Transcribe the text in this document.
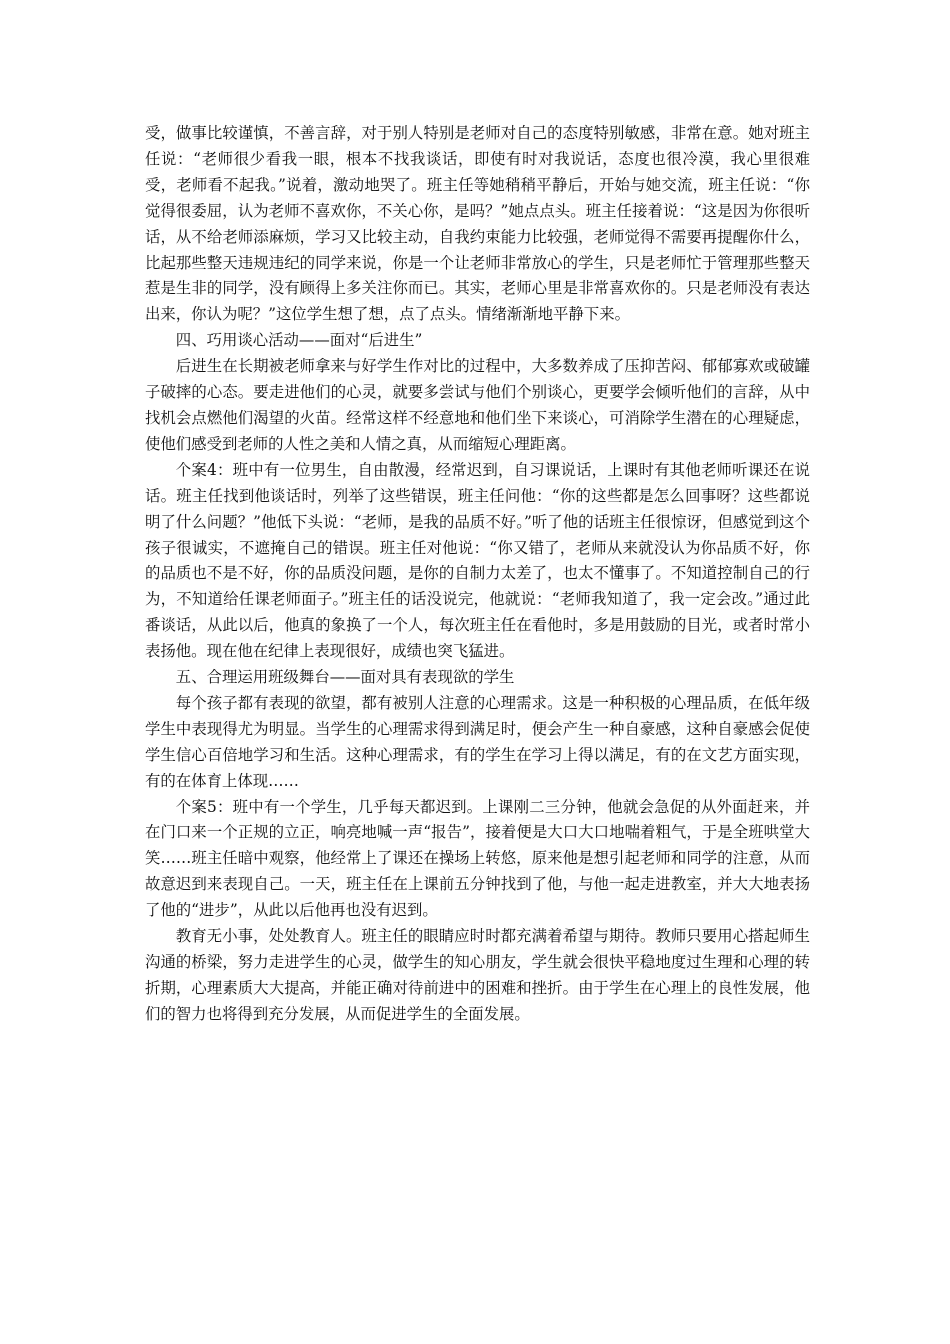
受，做事比较谨慎，不善言辞，对于别人特别是老师对自己的态度特别敏感，非常在意。她对班主任说：“老师很少看我一眼，根本不找我谈话，即使有时对我说话，态度也很冷漠，我心里很难受，老师看不起我。”说着，激动地哭了。班主任等她稍稍平静后，开始与她交流，班主任说：“你觉得很委屈，认为老师不喜欢你，不关心你，是吗？”她点点头。班主任接着说：“这是因为你很听话，从不给老师添麻烦，学习又比较主动，自我约束能力比较强，老师觉得不需要再提醒你什么，比起那些整天违规违纪的同学来说，你是一个让老师非常放心的学生，只是老师忙于管理那些整天惹是生非的同学，没有顾得上多关注你而已。其实，老师心里是非常喜欢你的。只是老师没有表达出来，你认为呢？”这位学生想了想，点了点头。情绪渐渐地平静下来。

四、巧用谈心活动——面对“后进生”

后进生在长期被老师拿来与好学生作对比的过程中，大多数养成了压抑苦闷、郁郁寡欢或破罐子破摔的心态。要走进他们的心灵，就要多尝试与他们个别谈心，更要学会倾听他们的言辞，从中找机会点燃他们渴望的火苗。经常这样不经意地和他们坐下来谈心，可消除学生潜在的心理疑虑，使他们感受到老师的人性之美和人情之真，从而缩短心理距离。

个案4：班中有一位男生，自由散漫，经常迟到，自习课说话，上课时有其他老师听课还在说话。班主任找到他谈话时，列举了这些错误，班主任问他：“你的这些都是怎么回事呀？这些都说明了什么问题？”他低下头说：“老师，是我的品质不好。”听了他的话班主任很惊讶，但感觉到这个孩子很诚实，不遮掩自己的错误。班主任对他说：“你又错了，老师从来就没认为你品质不好，你的品质也不是不好，你的品质没问题，是你的自制力太差了，也太不懂事了。不知道控制自己的行为，不知道给任课老师面子。”班主任的话没说完，他就说：“老师我知道了，我一定会改。”通过此番谈话，从此以后，他真的象换了一个人，每次班主任在看他时，多是用鼓励的目光，或者时常小表扬他。现在他在纪律上表现很好，成绩也突飞猛进。

五、合理运用班级舞台——面对具有表现欲的学生

每个孩子都有表现的欲望，都有被别人注意的心理需求。这是一种积极的心理品质，在低年级学生中表现得尤为明显。当学生的心理需求得到满足时，便会产生一种自豪感，这种自豪感会促使学生信心百倍地学习和生活。这种心理需求，有的学生在学习上得以满足，有的在文艺方面实现，有的在体育上体现……

个案5：班中有一个学生，几乎每天都迟到。上课刚二三分钟，他就会急促的从外面赶来，并在门口来一个正规的立正，响亮地喊一声“报告”，接着便是大口大口地喘着粗气，于是全班哄堂大笑……班主任暗中观察，他经常上了课还在操场上转悠，原来他是想引起老师和同学的注意，从而故意迟到来表现自己。一天，班主任在上课前五分钟找到了他，与他一起走进教室，并大大地表扬了他的“进步”，从此以后他再也没有迟到。

教育无小事，处处教育人。班主任的眼睛应时时都充满着希望与期待。教师只要用心搭起师生沟通的桥梁，努力走进学生的心灵，做学生的知心朋友，学生就会很快平稳地度过生理和心理的转折期，心理素质大大提高，并能正确对待前进中的困难和挫折。由于学生在心理上的良性发展，他们的智力也将得到充分发展，从而促进学生的全面发展。
